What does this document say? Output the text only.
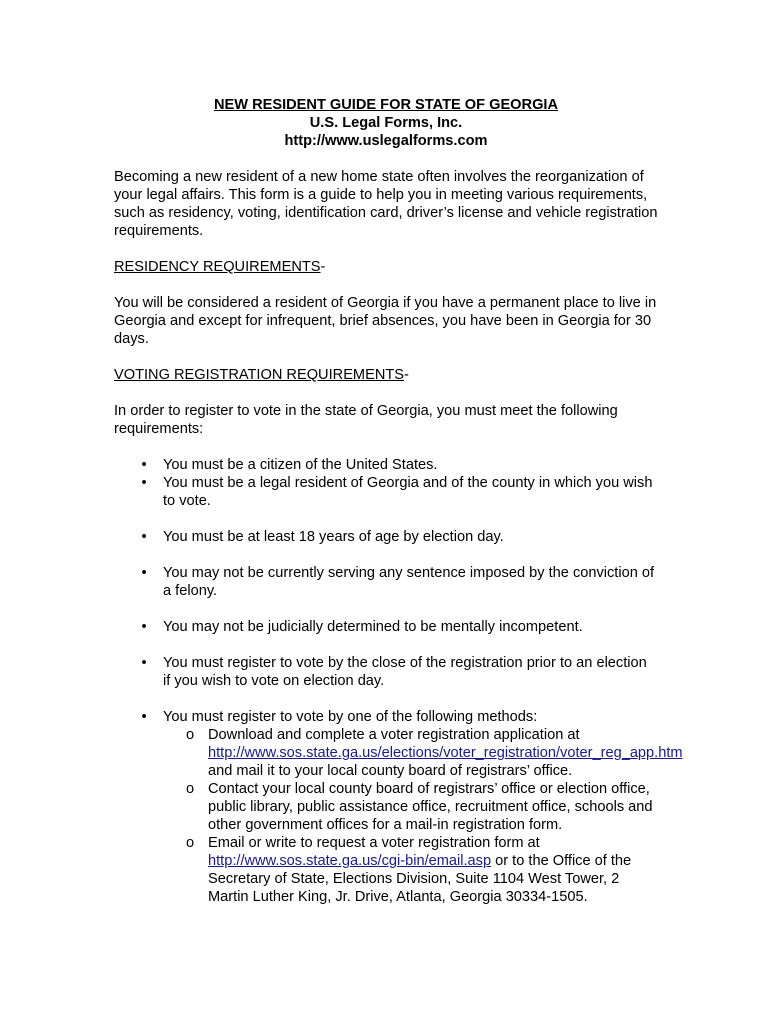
NEW RESIDENT GUIDE FOR STATE OF GEORGIA
U.S. Legal Forms, Inc.
http://www.uslegalforms.com

Becoming a new resident of a new home state often involves the reorganization of your legal affairs. This form is a guide to help you in meeting various requirements, such as residency, voting, identification card, driver’s license and vehicle registration requirements.

RESIDENCY REQUIREMENTS-

You will be considered a resident of Georgia if you have a permanent place to live in Georgia and except for infrequent, brief absences, you have been in Georgia for 30 days.

VOTING REGISTRATION REQUIREMENTS-

In order to register to vote in the state of Georgia, you must meet the following requirements:

• You must be a citizen of the United States.
• You must be a legal resident of Georgia and of the county in which you wish to vote.
• You must be at least 18 years of age by election day.
• You may not be currently serving any sentence imposed by the conviction of a felony.
• You may not be judicially determined to be mentally incompetent.
• You must register to vote by the close of the registration prior to an election if you wish to vote on election day.
• You must register to vote by one of the following methods:
o Download and complete a voter registration application at http://www.sos.state.ga.us/elections/voter_registration/voter_reg_app.htm and mail it to your local county board of registrars’ office.
o Contact your local county board of registrars’ office or election office, public library, public assistance office, recruitment office, schools and other government offices for a mail-in registration form.
o Email or write to request a voter registration form at http://www.sos.state.ga.us/cgi-bin/email.asp or to the Office of the Secretary of State, Elections Division, Suite 1104 West Tower, 2 Martin Luther King, Jr. Drive, Atlanta, Georgia 30334-1505.
